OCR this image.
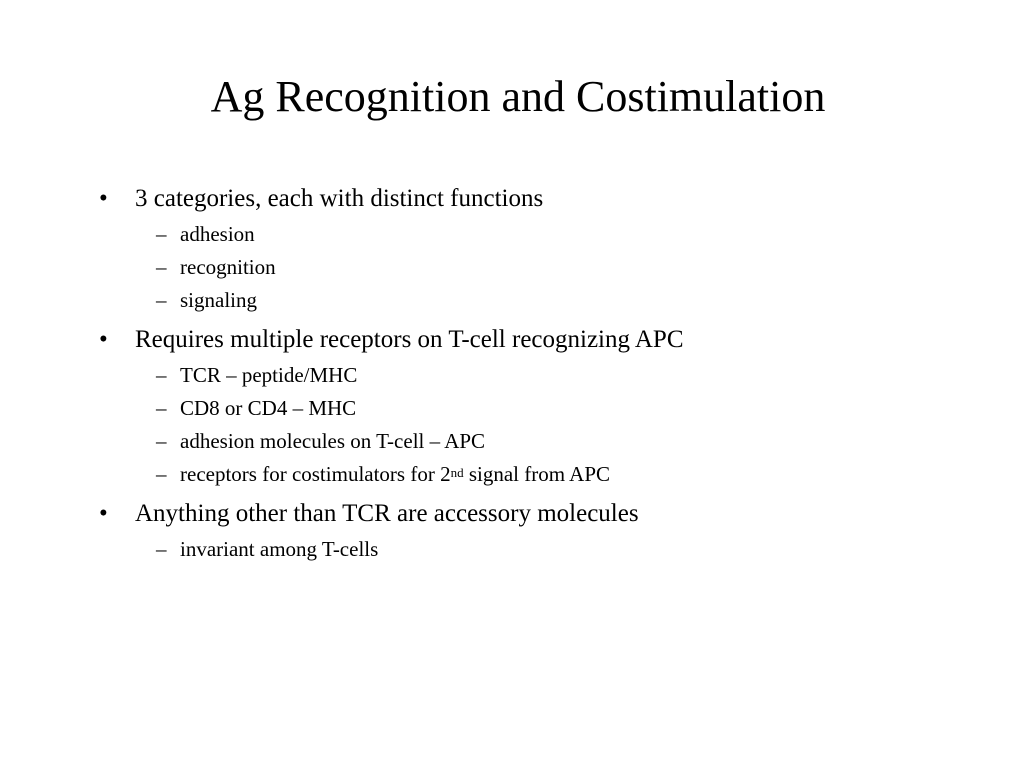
Ag Recognition and Costimulation
• 3 categories, each with distinct functions
– adhesion
– recognition
– signaling
• Requires multiple receptors on T-cell recognizing APC
– TCR – peptide/MHC
– CD8 or CD4 – MHC
– adhesion molecules on T-cell – APC
– receptors for costimulators for 2nd signal from APC
• Anything other than TCR are accessory molecules
– invariant among T-cells
